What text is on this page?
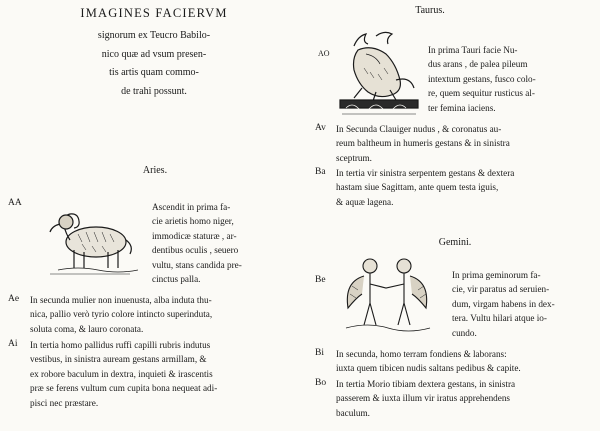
IMAGINES FACIERVM
signorum ex Teucro Babilo-
nico quæ ad vsum presen-
tis artis quam commo-
de trahi possunt.
Aries.
AA	Ascendit in prima fa-
cie arietis homo niger,
immodicæ staturæ , ar-
dentibus oculis , seuero
vultu, stans candida pre-
cinctus palla.
Ae In secunda mulier non inuenusta, alba induta thu-
nica, pallio verò tyrio colore intincto superinduta,
soluta coma, & lauro coronata.
Ai In tertia homo pallidus ruffi capilli rubris indutus
vestibus, in sinistra auream gestans armillam, &
ex robore baculum in dextra, inquieti & irascentis
præ se ferens vultum cum cupita bona nequeat adi-
pisci nec præstare.
Taurus.
AO	In prima Tauri facie Nu-
dus arans , de palea pileum
intextum gestans, fusco colo-
re, quem sequitur rusticus al-
ter femina iaciens.
Av In Secunda Clauiger nudus , & coronatus au-
reum baltheum in humeris gestans & in sinistra
sceptrum.
Ba In tertia vir sinistra serpentem gestans & dextera
hastam siue Sagittam, ante quem testa iguis,
& aquæ lagena.
Gemini.
Be	In prima geminorum fa-
cie, vir paratus ad seruien-
dum, virgam habens in dex-
tera. Vultu hilari atque io-
cundo.
Bi In secunda, homo terram fondiens & laborans:
iuxta quem tibicen nudis saltans pedibus & capite.
Bo In tertia Morio tibiam dextera gestans, in sinistra
passerem & iuxta illum vir iratus apprehendens
baculum.
